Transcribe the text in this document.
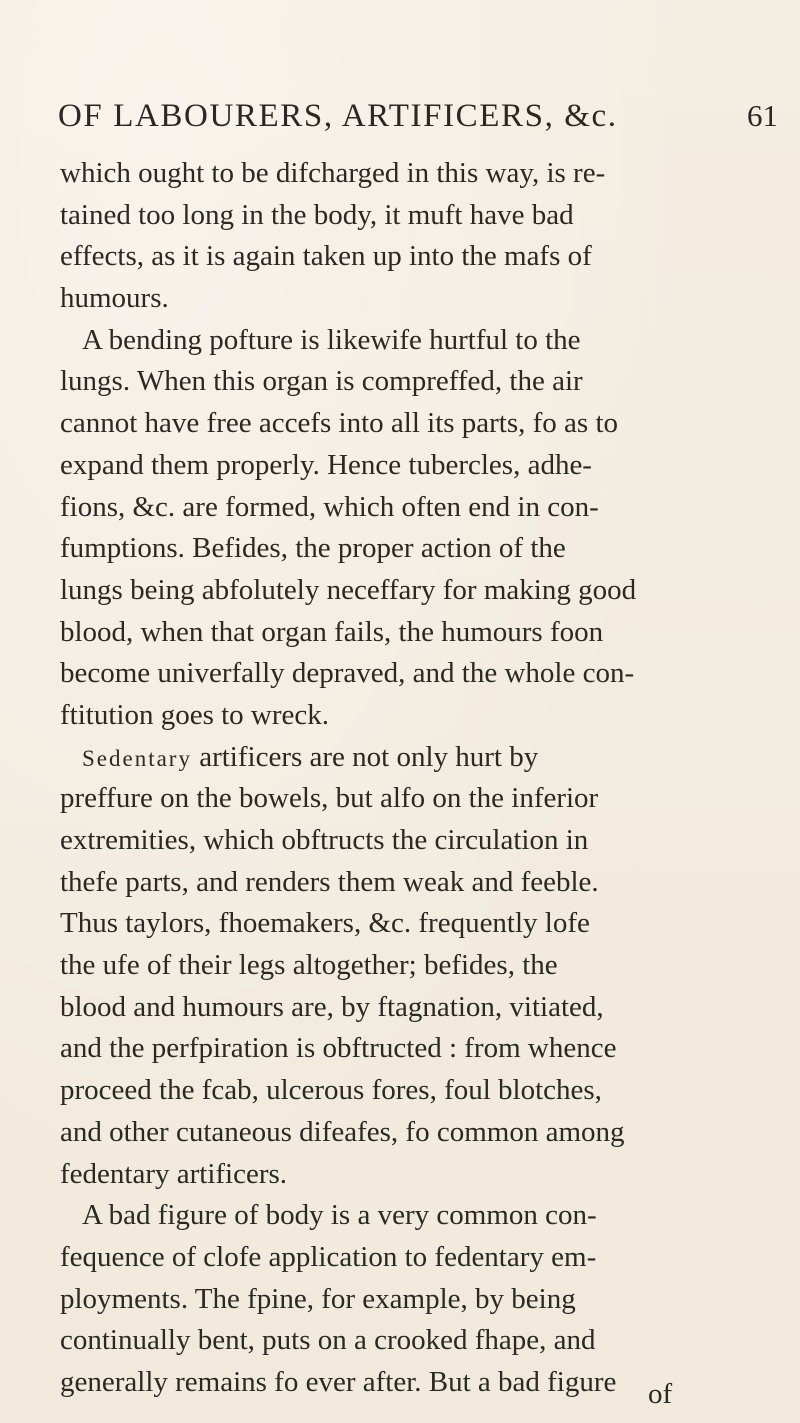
OF LABOURERS, ARTIFICERS, &c.	61
which ought to be difcharged in this way, is re-
tained too long in the body, it muft have bad
effects, as it is again taken up into the mafs of
humours.
A bending pofture is likewife hurtful to the
lungs. When this organ is compreffed, the air
cannot have free accefs into all its parts, fo as to
expand them properly. Hence tubercles, adhe-
fions, &c. are formed, which often end in con-
fumptions. Befides, the proper action of the
lungs being abfolutely neceffary for making good
blood, when that organ fails, the humours foon
become univerfally depraved, and the whole con-
ftitution goes to wreck.
Sedentary artificers are not only hurt by
preffure on the bowels, but alfo on the inferior
extremities, which obftructs the circulation in
thefe parts, and renders them weak and feeble.
Thus taylors, fhoemakers, &c. frequently lofe
the ufe of their legs altogether; befides, the
blood and humours are, by ftagnation, vitiated,
and the perfpiration is obftructed : from whence
proceed the fcab, ulcerous fores, foul blotches,
and other cutaneous difeafes, fo common among
fedentary artificers.
A bad figure of body is a very common con-
fequence of clofe application to fedentary em-
ployments. The fpine, for example, by being
continually bent, puts on a crooked fhape, and
generally remains fo ever after. But a bad figure	of
